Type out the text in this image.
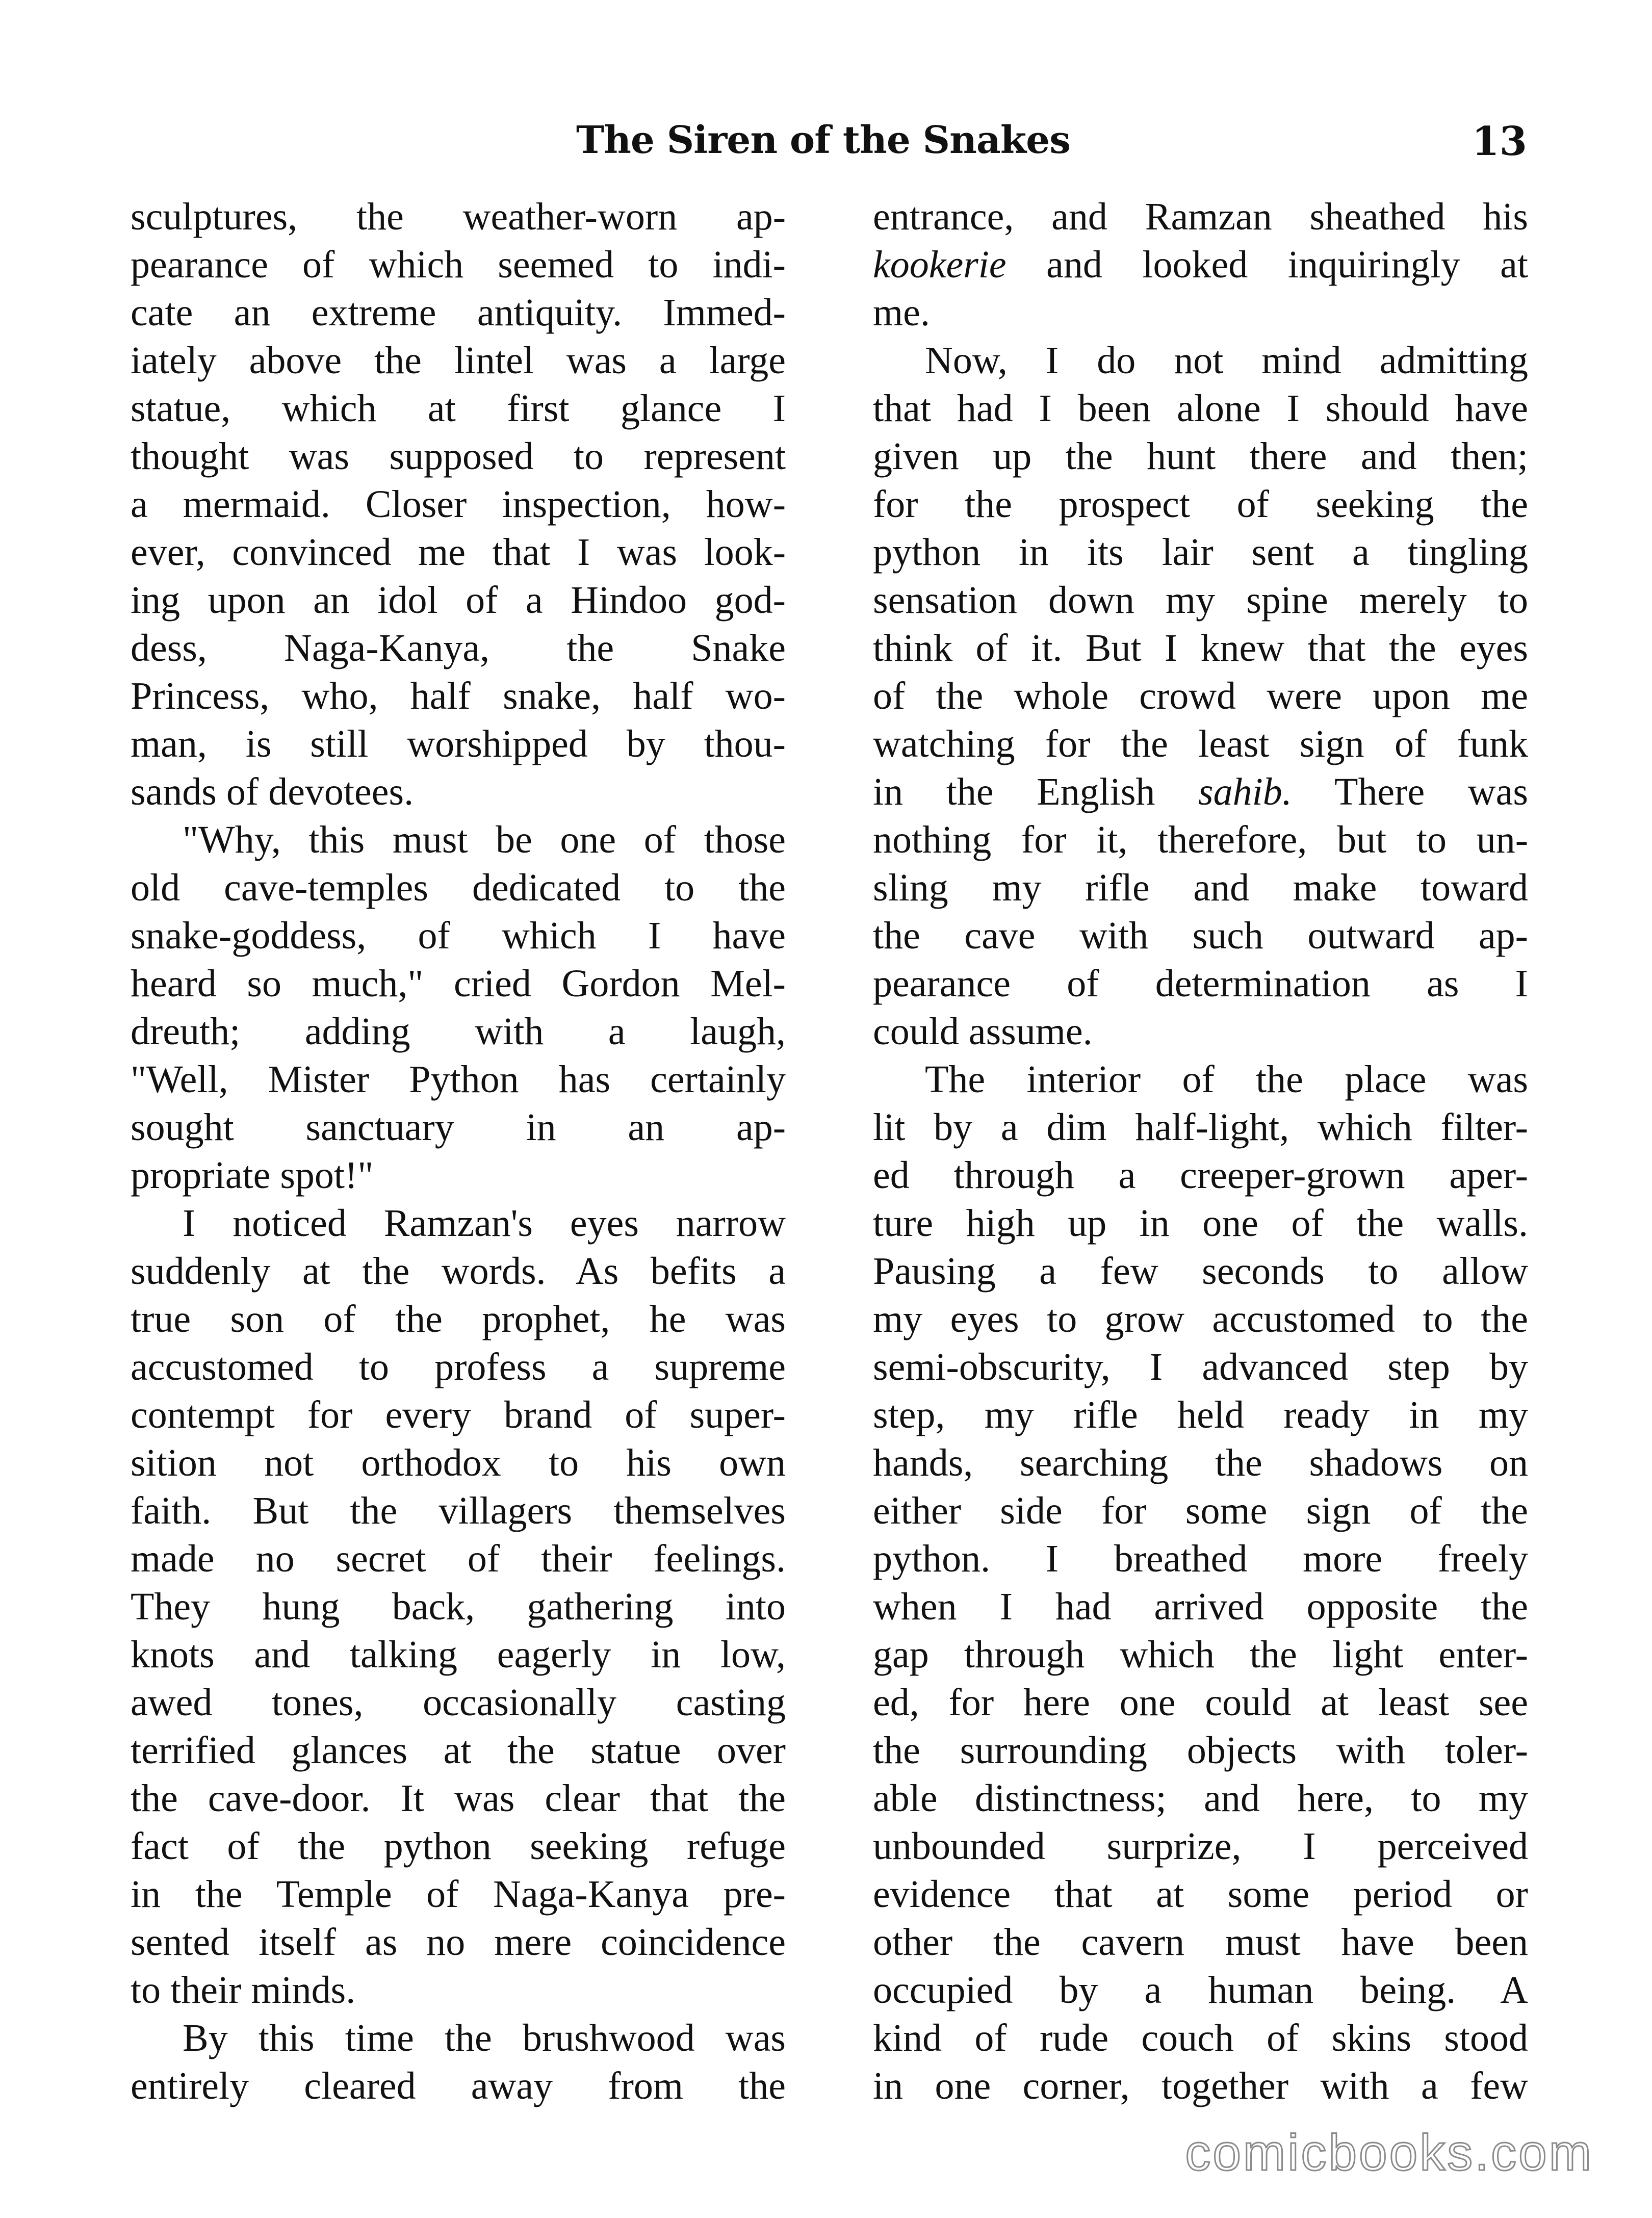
The Siren of the Snakes	13
sculptures, the weather-worn ap-
pearance of which seemed to indi-
cate an extreme antiquity. Immed-
iately above the lintel was a large
statue, which at first glance I
thought was supposed to represent
a mermaid. Closer inspection, how-
ever, convinced me that I was look-
ing upon an idol of a Hindoo god-
dess, Naga-Kanya, the Snake
Princess, who, half snake, half wo-
man, is still worshipped by thou-
sands of devotees.
"Why, this must be one of those
old cave-temples dedicated to the
snake-goddess, of which I have
heard so much," cried Gordon Mel-
dreuth; adding with a laugh,
"Well, Mister Python has certainly
sought sanctuary in an ap-
propriate spot!"
I noticed Ramzan's eyes narrow
suddenly at the words. As befits a
true son of the prophet, he was
accustomed to profess a supreme
contempt for every brand of super-
sition not orthodox to his own
faith. But the villagers themselves
made no secret of their feelings.
They hung back, gathering into
knots and talking eagerly in low,
awed tones, occasionally casting
terrified glances at the statue over
the cave-door. It was clear that the
fact of the python seeking refuge
in the Temple of Naga-Kanya pre-
sented itself as no mere coincidence
to their minds.
By this time the brushwood was
entirely cleared away from the
entrance, and Ramzan sheathed his
kookerie and looked inquiringly at
me.
Now, I do not mind admitting
that had I been alone I should have
given up the hunt there and then;
for the prospect of seeking the
python in its lair sent a tingling
sensation down my spine merely to
think of it. But I knew that the eyes
of the whole crowd were upon me
watching for the least sign of funk
in the English sahib. There was
nothing for it, therefore, but to un-
sling my rifle and make toward
the cave with such outward ap-
pearance of determination as I
could assume.
The interior of the place was
lit by a dim half-light, which filter-
ed through a creeper-grown aper-
ture high up in one of the walls.
Pausing a few seconds to allow
my eyes to grow accustomed to the
semi-obscurity, I advanced step by
step, my rifle held ready in my
hands, searching the shadows on
either side for some sign of the
python. I breathed more freely
when I had arrived opposite the
gap through which the light enter-
ed, for here one could at least see
the surrounding objects with toler-
able distinctness; and here, to my
unbounded surprize, I perceived
evidence that at some period or
other the cavern must have been
occupied by a human being. A
kind of rude couch of skins stood
in one corner, together with a few
comicbooks.com
